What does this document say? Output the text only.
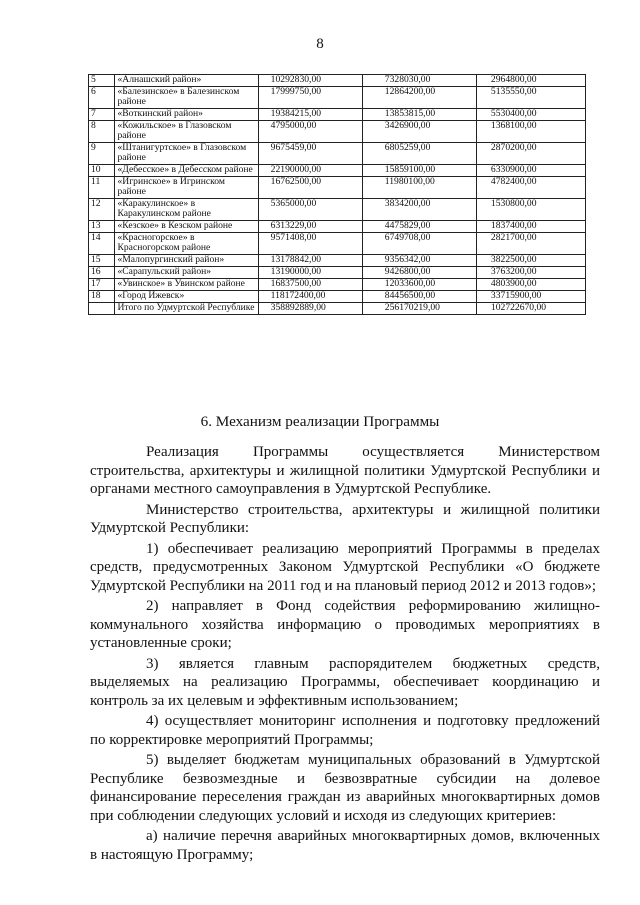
8
5	«Алнашский район»	10292830,00	7328030,00	2964800,00
6	«Балезинское» в Балезинском районе	17999750,00	12864200,00	5135550,00
7	«Воткинский район»	19384215,00	13853815,00	5530400,00
8	«Кожильское» в Глазовском районе	4795000,00	3426900,00	1368100,00
9	«Штанигуртское» в Глазовском районе	9675459,00	6805259,00	2870200,00
10	«Дебесское» в Дебесском районе	22190000,00	15859100,00	6330900,00
11	«Игринское» в Игринском районе	16762500,00	11980100,00	4782400,00
12	«Каракулинское» в Каракулинском районе	5365000,00	3834200,00	1530800,00
13	«Кезское» в Кезском районе	6313229,00	4475829,00	1837400,00
14	«Красногорское» в Красногорском районе	9571408,00	6749708,00	2821700,00
15	«Малопургинский район»	13178842,00	9356342,00	3822500,00
16	«Сарапульский район»	13190000,00	9426800,00	3763200,00
17	«Увинское» в Увинском районе	16837500,00	12033600,00	4803900,00
18	«Город Ижевск»	118172400,00	84456500,00	33715900,00
	Итого по Удмуртской Республике	358892889,00	256170219,00	102722670,00
6. Механизм реализации Программы

Реализация Программы осуществляется Министерством строительства, архитектуры и жилищной политики Удмуртской Республики и органами местного самоуправления в Удмуртской Республике.

Министерство строительства, архитектуры и жилищной политики Удмуртской Республики:

1) обеспечивает реализацию мероприятий Программы в пределах средств, предусмотренных Законом Удмуртской Республики «О бюджете Удмуртской Республики на 2011 год и на плановый период 2012 и 2013 годов»;

2) направляет в Фонд содействия реформированию жилищно-коммунального хозяйства информацию о проводимых мероприятиях в установленные сроки;

3) является главным распорядителем бюджетных средств, выделяемых на реализацию Программы, обеспечивает координацию и контроль за их целевым и эффективным использованием;

4) осуществляет мониторинг исполнения и подготовку предложений по корректировке мероприятий Программы;

5) выделяет бюджетам муниципальных образований в Удмуртской Республике безвозмездные и безвозвратные субсидии на долевое финансирование переселения граждан из аварийных многоквартирных домов при соблюдении следующих условий и исходя из следующих критериев:

а) наличие перечня аварийных многоквартирных домов, включенных в настоящую Программу;
